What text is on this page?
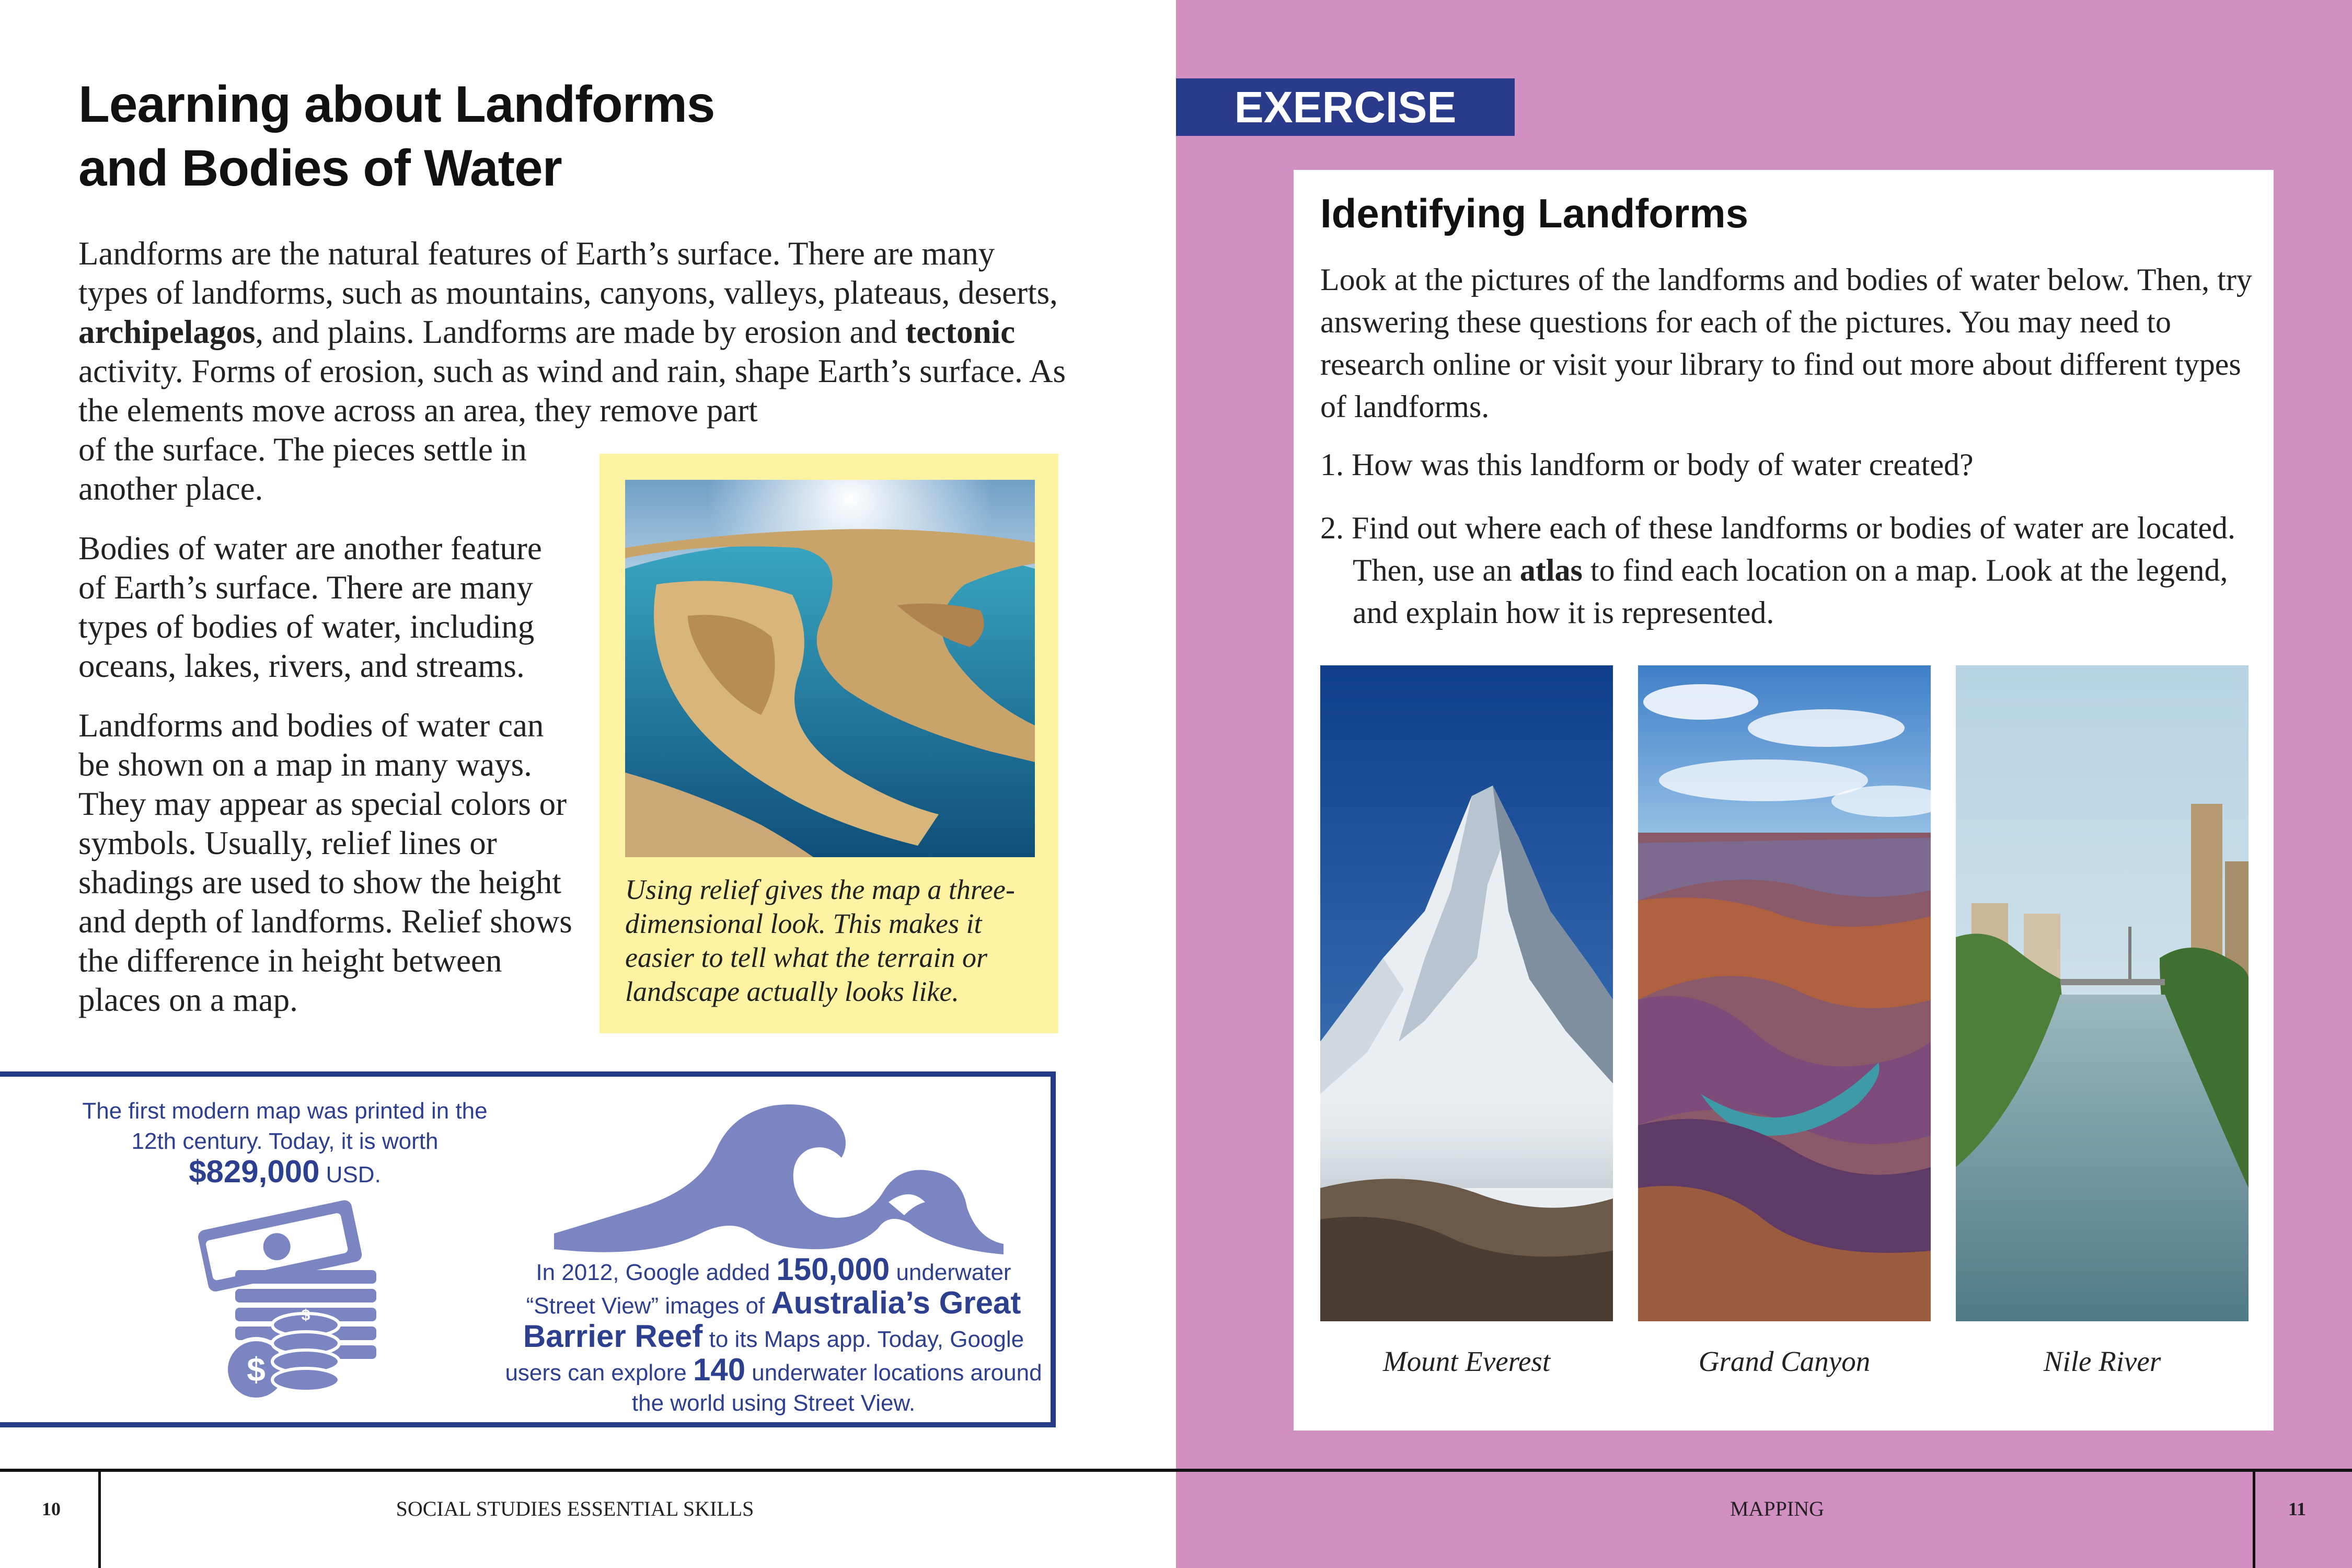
Learning about Landforms
and Bodies of Water
Landforms are the natural features of Earth’s surface. There are many types of landforms, such as mountains, canyons, valleys, plateaus, deserts, archipelagos, and plains. Landforms are made by erosion and tectonic activity. Forms of erosion, such as wind and rain, shape Earth’s surface. As the elements move across an area, they remove part
of the surface. The pieces settle in another place.
Bodies of water are another feature of Earth’s surface. There are many types of bodies of water, including oceans, lakes, rivers, and streams.
Landforms and bodies of water can be shown on a map in many ways. They may appear as special colors or symbols. Usually, relief lines or shadings are used to show the height and depth of landforms. Relief shows the difference in height between places on a map.
Using relief gives the map a three-dimensional look. This makes it easier to tell what the terrain or landscape actually looks like.
The first modern map was printed in the 12th century. Today, it is worth $829,000 USD.
$
$
In 2012, Google added 150,000 underwater “Street View” images of Australia’s Great Barrier Reef to its Maps app. Today, Google users can explore 140 underwater locations around the world using Street View.
EXERCISE
Identifying Landforms
Look at the pictures of the landforms and bodies of water below. Then, try answering these questions for each of the pictures. You may need to research online or visit your library to find out more about different types of landforms.
1. How was this landform or body of water created?
2. Find out where each of these landforms or bodies of water are located. Then, use an atlas to find each location on a map. Look at the legend, and explain how it is represented.
Mount Everest	Grand Canyon	Nile River
10	SOCIAL STUDIES ESSENTIAL SKILLS	MAPPING	11
